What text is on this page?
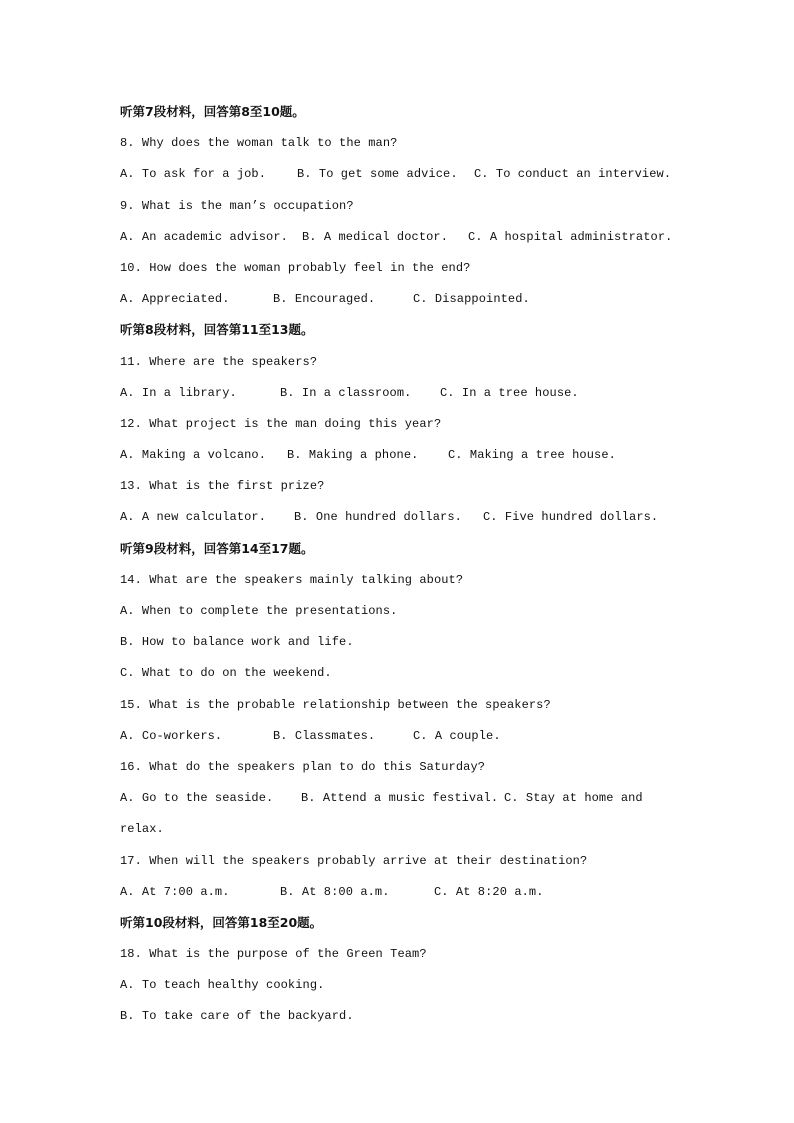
听第7段材料，回答第8至10题。
8. Why does the woman talk to the man?
A. To ask for a job.	B. To get some advice.	C. To conduct an interview.
9. What is the man’s occupation?
A. An academic advisor.	B. A medical doctor.	C. A hospital administrator.
10. How does the woman probably feel in the end?
A. Appreciated.	B. Encouraged.	C. Disappointed.
听第8段材料，回答第11至13题。
11. Where are the speakers?
A. In a library.	B. In a classroom.	C. In a tree house.
12. What project is the man doing this year?
A. Making a volcano.	B. Making a phone.	C. Making a tree house.
13. What is the first prize?
A. A new calculator.	B. One hundred dollars.	C. Five hundred dollars.
听第9段材料，回答第14至17题。
14. What are the speakers mainly talking about?
A. When to complete the presentations.
B. How to balance work and life.
C. What to do on the weekend.
15. What is the probable relationship between the speakers?
A. Co-workers.	B. Classmates.	C. A couple.
16. What do the speakers plan to do this Saturday?
A. Go to the seaside.	B. Attend a music festival. C. Stay at home and
relax.
17. When will the speakers probably arrive at their destination?
A. At 7:00 a.m.	B. At 8:00 a.m.	C. At 8:20 a.m.
听第10段材料，回答第18至20题。
18. What is the purpose of the Green Team?
A. To teach healthy cooking.
B. To take care of the backyard.
